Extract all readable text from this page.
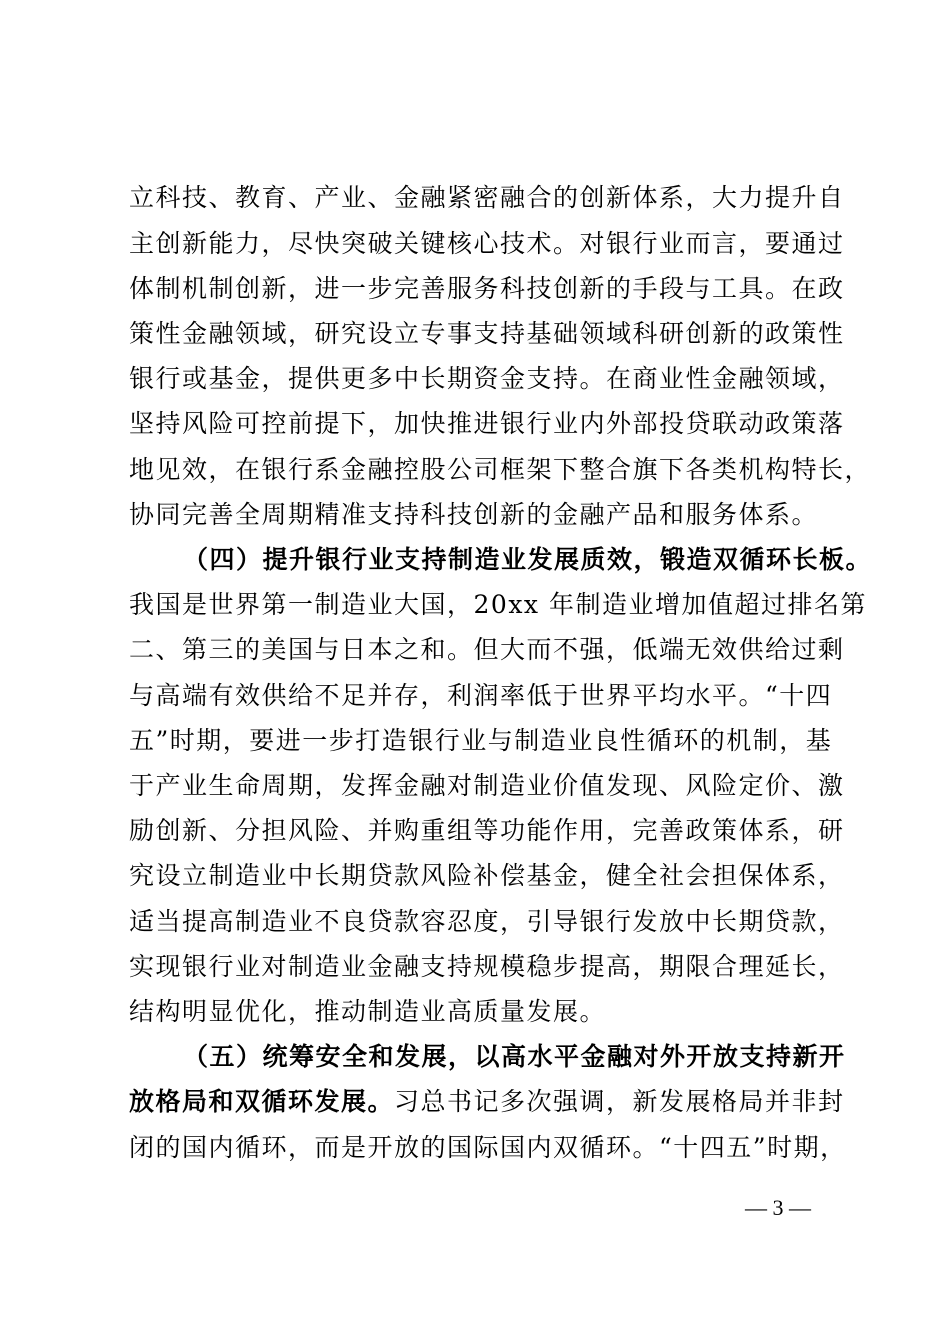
立科技、教育、产业、金融紧密融合的创新体系，大力提升自
主创新能力，尽快突破关键核心技术。对银行业而言，要通过
体制机制创新，进一步完善服务科技创新的手段与工具。在政
策性金融领域，研究设立专事支持基础领域科研创新的政策性
银行或基金，提供更多中长期资金支持。在商业性金融领域，
坚持风险可控前提下，加快推进银行业内外部投贷联动政策落
地见效，在银行系金融控股公司框架下整合旗下各类机构特长，
协同完善全周期精准支持科技创新的金融产品和服务体系。
（四）提升银行业支持制造业发展质效，锻造双循环长板。
我国是世界第一制造业大国，20xx 年制造业增加值超过排名第
二、第三的美国与日本之和。但大而不强，低端无效供给过剩
与高端有效供给不足并存，利润率低于世界平均水平。“十四
五”时期，要进一步打造银行业与制造业良性循环的机制，基
于产业生命周期，发挥金融对制造业价值发现、风险定价、激
励创新、分担风险、并购重组等功能作用，完善政策体系，研
究设立制造业中长期贷款风险补偿基金，健全社会担保体系，
适当提高制造业不良贷款容忍度，引导银行发放中长期贷款，
实现银行业对制造业金融支持规模稳步提高，期限合理延长，
结构明显优化，推动制造业高质量发展。
（五）统筹安全和发展，以高水平金融对外开放支持新开
放格局和双循环发展。习总书记多次强调，新发展格局并非封
闭的国内循环，而是开放的国际国内双循环。“十四五”时期，
— 3 —
